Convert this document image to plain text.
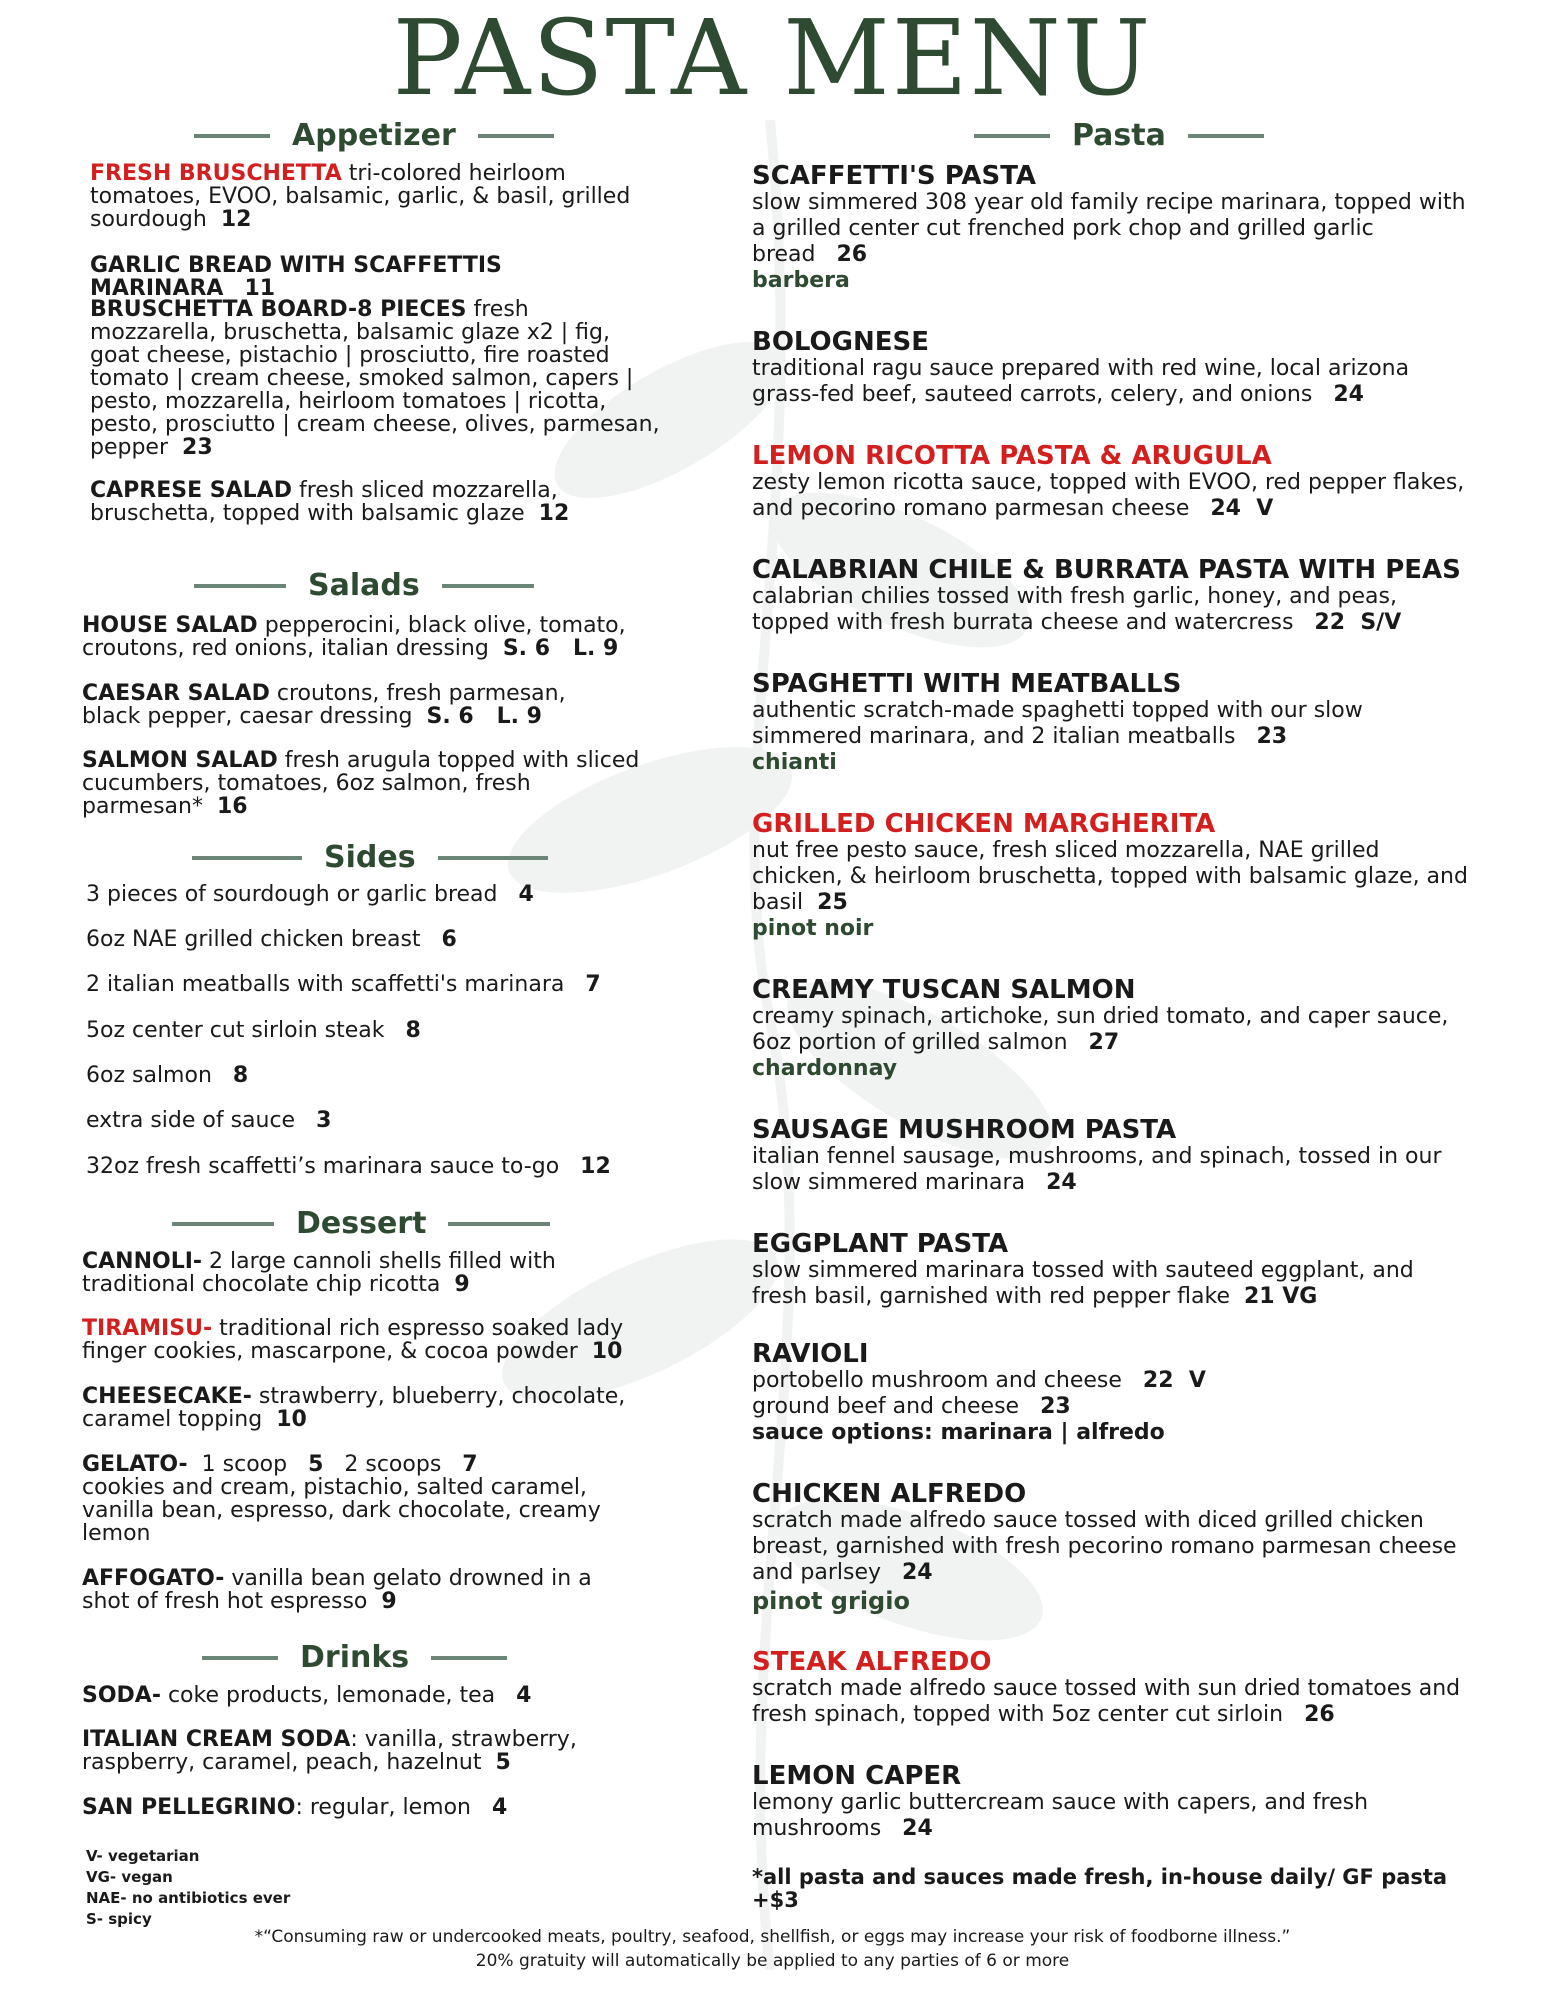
PASTA MENU
Appetizer
FRESH BRUSCHETTA tri-colored heirloom tomatoes, EVOO, balsamic, garlic, & basil, grilled sourdough 12
GARLIC BREAD WITH SCAFFETTIS MARINARA 11
BRUSCHETTA BOARD-8 PIECES fresh mozzarella, bruschetta, balsamic glaze x2 | fig, goat cheese, pistachio | prosciutto, fire roasted tomato | cream cheese, smoked salmon, capers | pesto, mozzarella, heirloom tomatoes | ricotta, pesto, prosciutto | cream cheese, olives, parmesan, pepper 23
CAPRESE SALAD fresh sliced mozzarella, bruschetta, topped with balsamic glaze 12
Salads
HOUSE SALAD pepperocini, black olive, tomato, croutons, red onions, italian dressing S. 6   L. 9
CAESAR SALAD croutons, fresh parmesan, black pepper, caesar dressing S. 6   L. 9
SALMON SALAD fresh arugula topped with sliced cucumbers, tomatoes, 6oz salmon, fresh parmesan* 16
Sides
3 pieces of sourdough or garlic bread 4
6oz NAE grilled chicken breast 6
2 italian meatballs with scaffetti's marinara 7
5oz center cut sirloin steak 8
6oz salmon 8
extra side of sauce 3
32oz fresh scaffetti’s marinara sauce to-go 12
Dessert
CANNOLI- 2 large cannoli shells filled with traditional chocolate chip ricotta 9
TIRAMISU- traditional rich espresso soaked lady finger cookies, mascarpone, & cocoa powder 10
CHEESECAKE- strawberry, blueberry, chocolate, caramel topping 10
GELATO-  1 scoop   5   2 scoops   7
cookies and cream, pistachio, salted caramel, vanilla bean, espresso, dark chocolate, creamy lemon
AFFOGATO- vanilla bean gelato drowned in a shot of fresh hot espresso 9
Drinks
SODA- coke products, lemonade, tea 4
ITALIAN CREAM SODA: vanilla, strawberry, raspberry, caramel, peach, hazelnut 5
SAN PELLEGRINO: regular, lemon 4
V- vegetarian
VG- vegan
NAE- no antibiotics ever
S- spicy
Pasta
SCAFFETTI'S PASTA
slow simmered 308 year old family recipe marinara, topped with a grilled center cut frenched pork chop and grilled garlic bread 26
barbera
BOLOGNESE
traditional ragu sauce prepared with red wine, local arizona grass-fed beef, sauteed carrots, celery, and onions 24
LEMON RICOTTA PASTA & ARUGULA
zesty lemon ricotta sauce, topped with EVOO, red pepper flakes, and pecorino romano parmesan cheese 24  V
CALABRIAN CHILE & BURRATA PASTA WITH PEAS
calabrian chilies tossed with fresh garlic, honey, and peas, topped with fresh burrata cheese and watercress 22  S/V
SPAGHETTI WITH MEATBALLS
authentic scratch-made spaghetti topped with our slow simmered marinara, and 2 italian meatballs 23
chianti
GRILLED CHICKEN MARGHERITA
nut free pesto sauce, fresh sliced mozzarella, NAE grilled chicken, & heirloom bruschetta, topped with balsamic glaze, and basil 25
pinot noir
CREAMY TUSCAN SALMON
creamy spinach, artichoke, sun dried tomato, and caper sauce, 6oz portion of grilled salmon 27
chardonnay
SAUSAGE MUSHROOM PASTA
italian fennel sausage, mushrooms, and spinach, tossed in our slow simmered marinara 24
EGGPLANT PASTA
slow simmered marinara tossed with sauteed eggplant, and fresh basil, garnished with red pepper flake 21 VG
RAVIOLI
portobello mushroom and cheese 22  V
ground beef and cheese 23
sauce options: marinara | alfredo
CHICKEN ALFREDO
scratch made alfredo sauce tossed with diced grilled chicken breast, garnished with fresh pecorino romano parmesan cheese and parlsey 24
pinot grigio
STEAK ALFREDO
scratch made alfredo sauce tossed with sun dried tomatoes and fresh spinach, topped with 5oz center cut sirloin 26
LEMON CAPER
lemony garlic buttercream sauce with capers, and fresh mushrooms 24
*all pasta and sauces made fresh, in-house daily/ GF pasta +$3
*“Consuming raw or undercooked meats, poultry, seafood, shellfish, or eggs may increase your risk of foodborne illness.”
20% gratuity will automatically be applied to any parties of 6 or more
